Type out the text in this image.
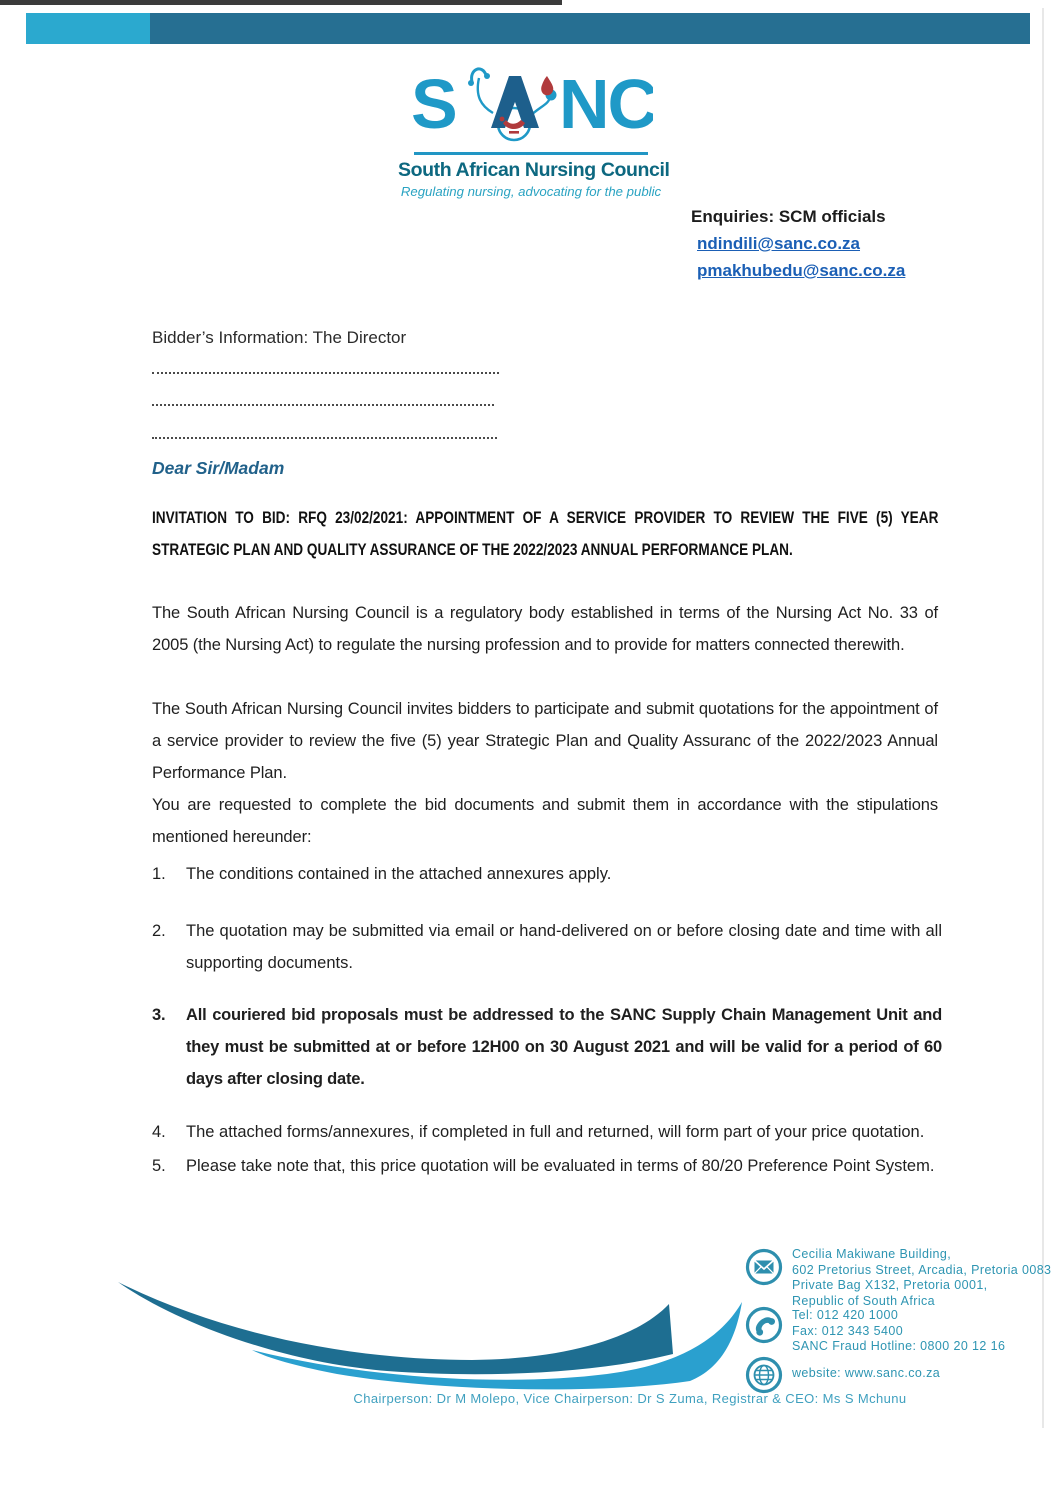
S NC
South African Nursing Council
Regulating nursing, advocating for the public
Enquiries: SCM officials
ndindili@sanc.co.za
pmakhubedu@sanc.co.za
Bidder’s Information: The Director
Dear Sir/Madam
INVITATION TO BID: RFQ 23/02/2021: APPOINTMENT OF A SERVICE PROVIDER TO REVIEW THE FIVE (5) YEAR STRATEGIC PLAN AND QUALITY ASSURANCE OF THE 2022/2023 ANNUAL PERFORMANCE PLAN.
The South African Nursing Council is a regulatory body established in terms of the Nursing Act No. 33 of 2005 (the Nursing Act) to regulate the nursing profession and to provide for matters connected therewith.
The South African Nursing Council invites bidders to participate and submit quotations for the appointment of a service provider to review the five (5) year Strategic Plan and Quality Assuranc of the 2022/2023 Annual Performance Plan.
You are requested to complete the bid documents and submit them in accordance with the stipulations mentioned hereunder:
1.	The conditions contained in the attached annexures apply.
2.	The quotation may be submitted via email or hand-delivered on or before closing date and time with all supporting documents.
3.	All couriered bid proposals must be addressed to the SANC Supply Chain Management Unit and they must be submitted at or before 12H00 on 30 August 2021 and will be valid for a period of 60 days after closing date.
4.	The attached forms/annexures, if completed in full and returned, will form part of your price quotation.
5.	Please take note that, this price quotation will be evaluated in terms of 80/20 Preference Point System.
Cecilia Makiwane Building,
602 Pretorius Street, Arcadia, Pretoria 0083
Private Bag X132, Pretoria 0001,
Republic of South Africa
Tel: 012 420 1000
Fax: 012 343 5400
SANC Fraud Hotline: 0800 20 12 16
website: www.sanc.co.za
Chairperson: Dr M Molepo, Vice Chairperson: Dr S Zuma, Registrar & CEO: Ms S Mchunu
